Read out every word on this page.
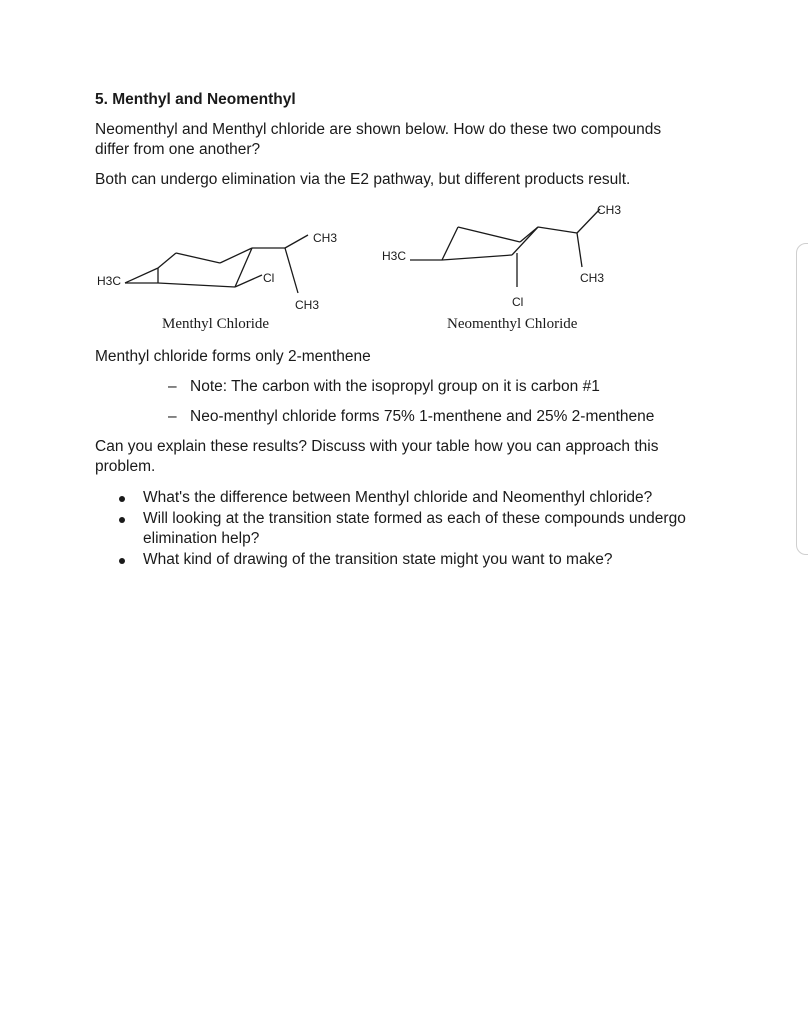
5. Menthyl and Neomenthyl

Neomenthyl and Menthyl chloride are shown below. How do these two compounds

differ from one another?

Both can undergo elimination via the E2 pathway, but different products result.

CH3
H3C	Cl
CH3
CH3
H3C
CH3
Cl
Menthyl Chloride	Neomenthyl Chloride

Menthyl chloride forms only 2-menthene

– Note: The carbon with the isopropyl group on it is carbon #1

– Neo-menthyl chloride forms 75% 1-menthene and 25% 2-menthene

Can you explain these results? Discuss with your table how you can approach this

problem.

What's the difference between Menthyl chloride and Neomenthyl chloride?

Will looking at the transition state formed as each of these compounds undergo

elimination help?

What kind of drawing of the transition state might you want to make?
